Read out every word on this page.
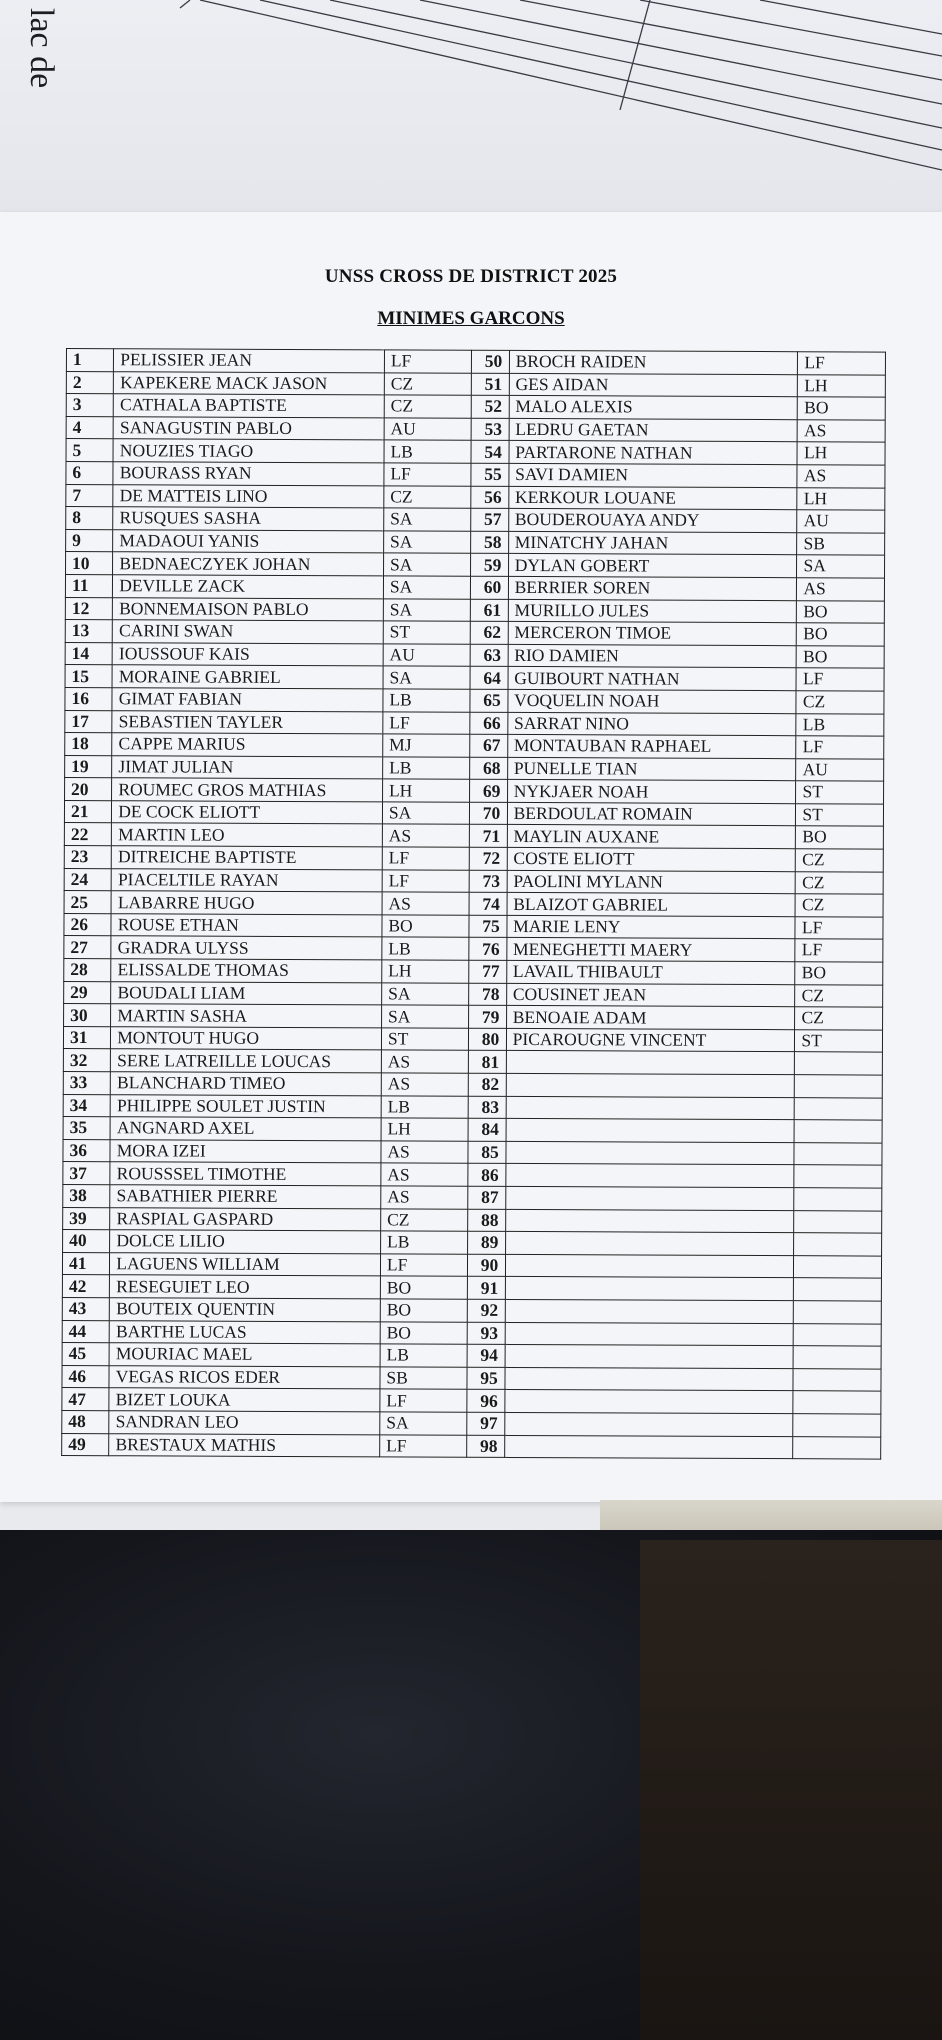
lac de
UNSS CROSS DE DISTRICT 2025
MINIMES GARCONS
1	PELISSIER JEAN	LF	50	BROCH RAIDEN	LF
2	KAPEKERE MACK JASON	CZ	51	GES AIDAN	LH
3	CATHALA BAPTISTE	CZ	52	MALO ALEXIS	BO
4	SANAGUSTIN PABLO	AU	53	LEDRU GAETAN	AS
5	NOUZIES TIAGO	LB	54	PARTARONE NATHAN	LH
6	BOURASS RYAN	LF	55	SAVI DAMIEN	AS
7	DE MATTEIS LINO	CZ	56	KERKOUR LOUANE	LH
8	RUSQUES SASHA	SA	57	BOUDEROUAYA ANDY	AU
9	MADAOUI YANIS	SA	58	MINATCHY JAHAN	SB
10	BEDNAECZYEK JOHAN	SA	59	DYLAN GOBERT	SA
11	DEVILLE ZACK	SA	60	BERRIER SOREN	AS
12	BONNEMAISON PABLO	SA	61	MURILLO JULES	BO
13	CARINI SWAN	ST	62	MERCERON TIMOE	BO
14	IOUSSOUF KAIS	AU	63	RIO DAMIEN	BO
15	MORAINE GABRIEL	SA	64	GUIBOURT NATHAN	LF
16	GIMAT FABIAN	LB	65	VOQUELIN NOAH	CZ
17	SEBASTIEN TAYLER	LF	66	SARRAT NINO	LB
18	CAPPE MARIUS	MJ	67	MONTAUBAN RAPHAEL	LF
19	JIMAT JULIAN	LB	68	PUNELLE TIAN	AU
20	ROUMEC GROS MATHIAS	LH	69	NYKJAER NOAH	ST
21	DE COCK ELIOTT	SA	70	BERDOULAT ROMAIN	ST
22	MARTIN LEO	AS	71	MAYLIN AUXANE	BO
23	DITREICHE BAPTISTE	LF	72	COSTE ELIOTT	CZ
24	PIACELTILE RAYAN	LF	73	PAOLINI MYLANN	CZ
25	LABARRE HUGO	AS	74	BLAIZOT GABRIEL	CZ
26	ROUSE ETHAN	BO	75	MARIE LENY	LF
27	GRADRA ULYSS	LB	76	MENEGHETTI MAERY	LF
28	ELISSALDE THOMAS	LH	77	LAVAIL THIBAULT	BO
29	BOUDALI LIAM	SA	78	COUSINET JEAN	CZ
30	MARTIN SASHA	SA	79	BENOAIE ADAM	CZ
31	MONTOUT HUGO	ST	80	PICAROUGNE VINCENT	ST
32	SERE LATREILLE LOUCAS	AS	81		
33	BLANCHARD TIMEO	AS	82		
34	PHILIPPE SOULET JUSTIN	LB	83		
35	ANGNARD AXEL	LH	84		
36	MORA IZEI	AS	85		
37	ROUSSSEL TIMOTHE	AS	86		
38	SABATHIER PIERRE	AS	87		
39	RASPIAL GASPARD	CZ	88		
40	DOLCE LILIO	LB	89		
41	LAGUENS WILLIAM	LF	90		
42	RESEGUIET LEO	BO	91		
43	BOUTEIX QUENTIN	BO	92		
44	BARTHE LUCAS	BO	93		
45	MOURIAC MAEL	LB	94		
46	VEGAS RICOS EDER	SB	95		
47	BIZET LOUKA	LF	96		
48	SANDRAN LEO	SA	97		
49	BRESTAUX MATHIS	LF	98		
